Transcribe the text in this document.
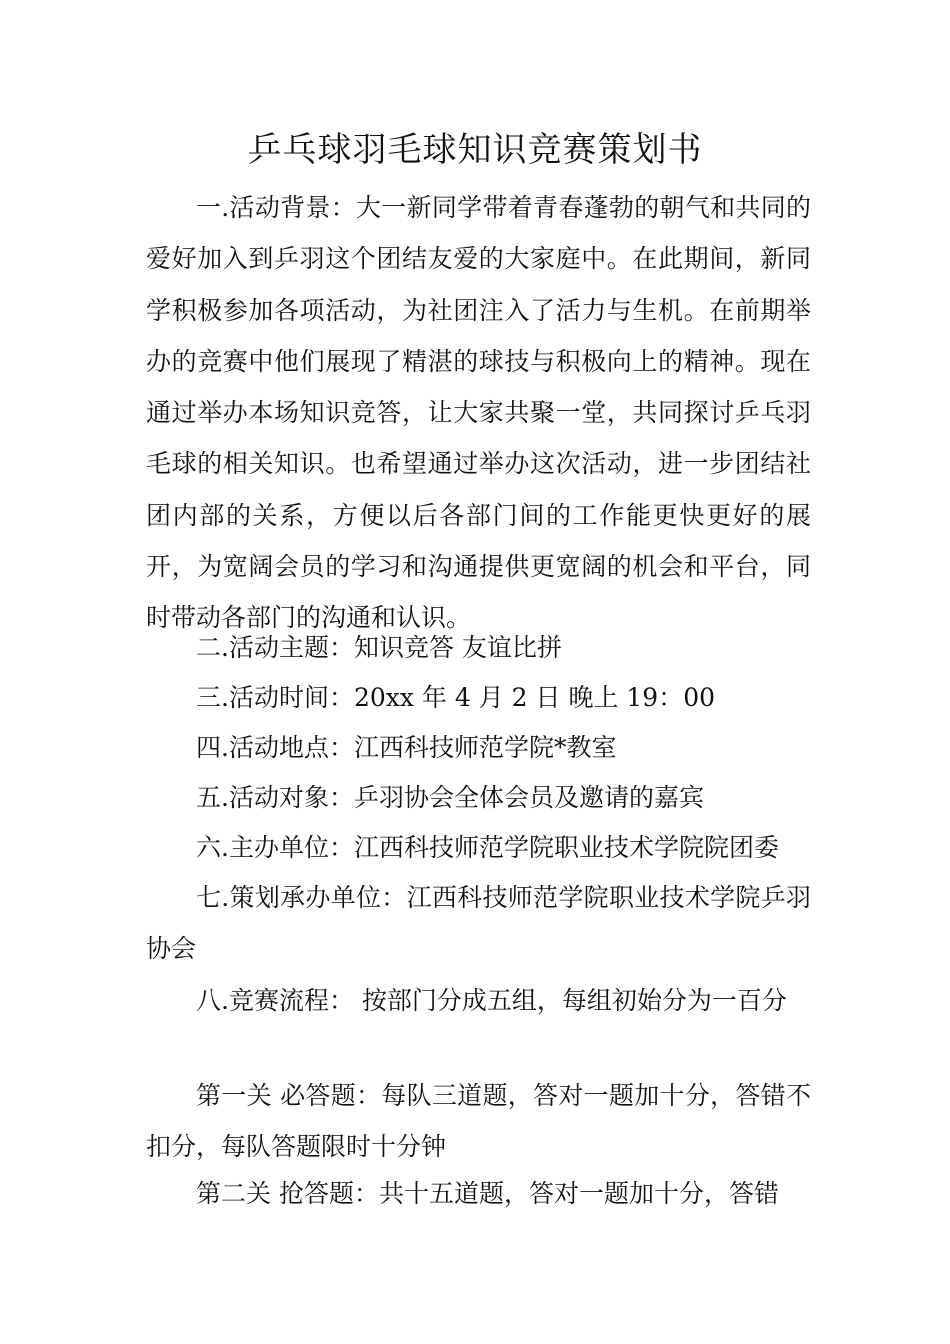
乒乓球羽毛球知识竞赛策划书

一.活动背景：大一新同学带着青春蓬勃的朝气和共同的爱好加入到乒羽这个团结友爱的大家庭中。在此期间，新同学积极参加各项活动，为社团注入了活力与生机。在前期举办的竞赛中他们展现了精湛的球技与积极向上的精神。现在通过举办本场知识竞答，让大家共聚一堂，共同探讨乒乓羽毛球的相关知识。也希望通过举办这次活动，进一步团结社团内部的关系，方便以后各部门间的工作能更快更好的展开，为宽阔会员的学习和沟通提供更宽阔的机会和平台，同时带动各部门的沟通和认识。

二.活动主题：知识竞答 友谊比拼

三.活动时间：20xx 年 4 月 2 日 晚上 19：00

四.活动地点：江西科技师范学院*教室

五.活动对象：乒羽协会全体会员及邀请的嘉宾

六.主办单位：江西科技师范学院职业技术学院院团委

七.策划承办单位：江西科技师范学院职业技术学院乒羽协会

八.竞赛流程： 按部门分成五组，每组初始分为一百分

第一关 必答题：每队三道题，答对一题加十分，答错不扣分，每队答题限时十分钟

第二关 抢答题：共十五道题，答对一题加十分，答错
